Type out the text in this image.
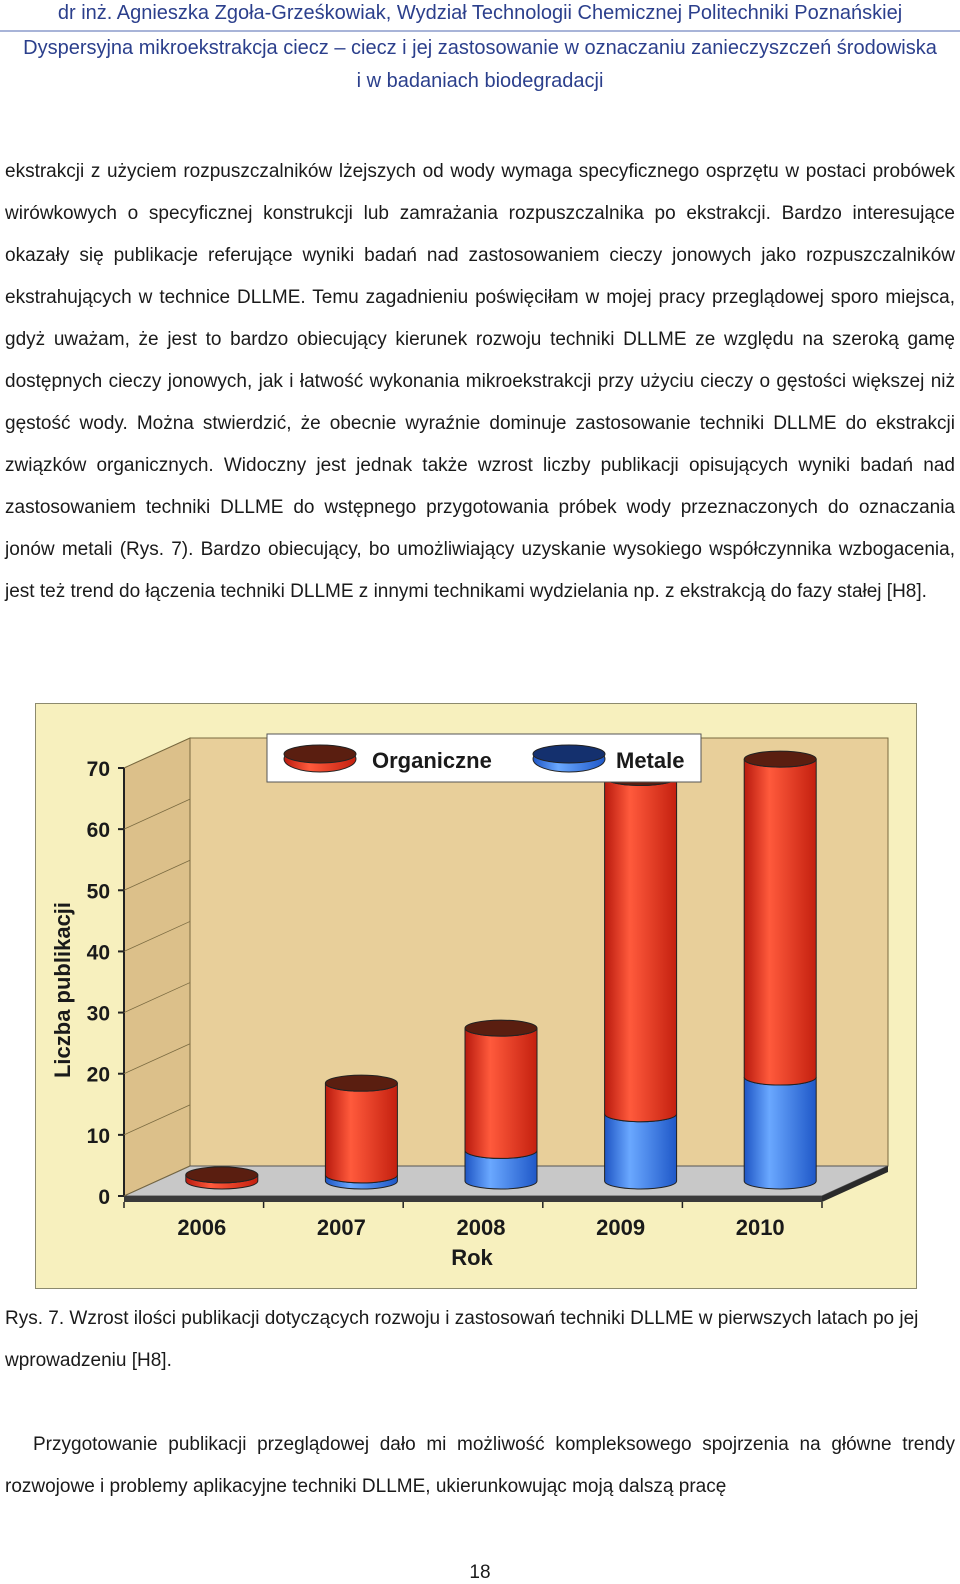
dr inż. Agnieszka Zgoła-Grześkowiak, Wydział Technologii Chemicznej Politechniki Poznańskiej
Dyspersyjna mikroekstrakcja ciecz – ciecz i jej zastosowanie w oznaczaniu zanieczyszczeń środowiska
i w badaniach biodegradacji
ekstrakcji z użyciem rozpuszczalników lżejszych od wody wymaga specyficznego osprzętu w postaci probówek wirówkowych o specyficznej konstrukcji lub zamrażania rozpuszczalnika po ekstrakcji. Bardzo interesujące okazały się publikacje referujące wyniki badań nad zastosowaniem cieczy jonowych jako rozpuszczalników ekstrahujących w technice DLLME. Temu zagadnieniu poświęciłam w mojej pracy przeglądowej sporo miejsca, gdyż uważam, że jest to bardzo obiecujący kierunek rozwoju techniki DLLME ze względu na szeroką gamę dostępnych cieczy jonowych, jak i łatwość wykonania mikroekstrakcji przy użyciu cieczy o gęstości większej niż gęstość wody. Można stwierdzić, że obecnie wyraźnie dominuje zastosowanie techniki DLLME do ekstrakcji związków organicznych. Widoczny jest jednak także wzrost liczby publikacji opisujących wyniki badań nad zastosowaniem techniki DLLME do wstępnego przygotowania próbek wody przeznaczonych do oznaczania jonów metali (Rys. 7). Bardzo obiecujący, bo umożliwiający uzyskanie wysokiego współczynnika wzbogacenia, jest też trend do łączenia techniki DLLME z innymi technikami wydzielania np. z ekstrakcją do fazy stałej [H8].
0
10
20
30
40
50
60
70
2006	2007	2008	2009	2010
Organiczne	Metale
Liczba publikacji
Rok
Rys. 7. Wzrost ilości publikacji dotyczących rozwoju i zastosowań techniki DLLME w pierwszych latach po jej wprowadzeniu [H8].
Przygotowanie publikacji przeglądowej dało mi możliwość kompleksowego spojrzenia na główne trendy rozwojowe i problemy aplikacyjne techniki DLLME, ukierunkowując moją dalszą pracę
18
